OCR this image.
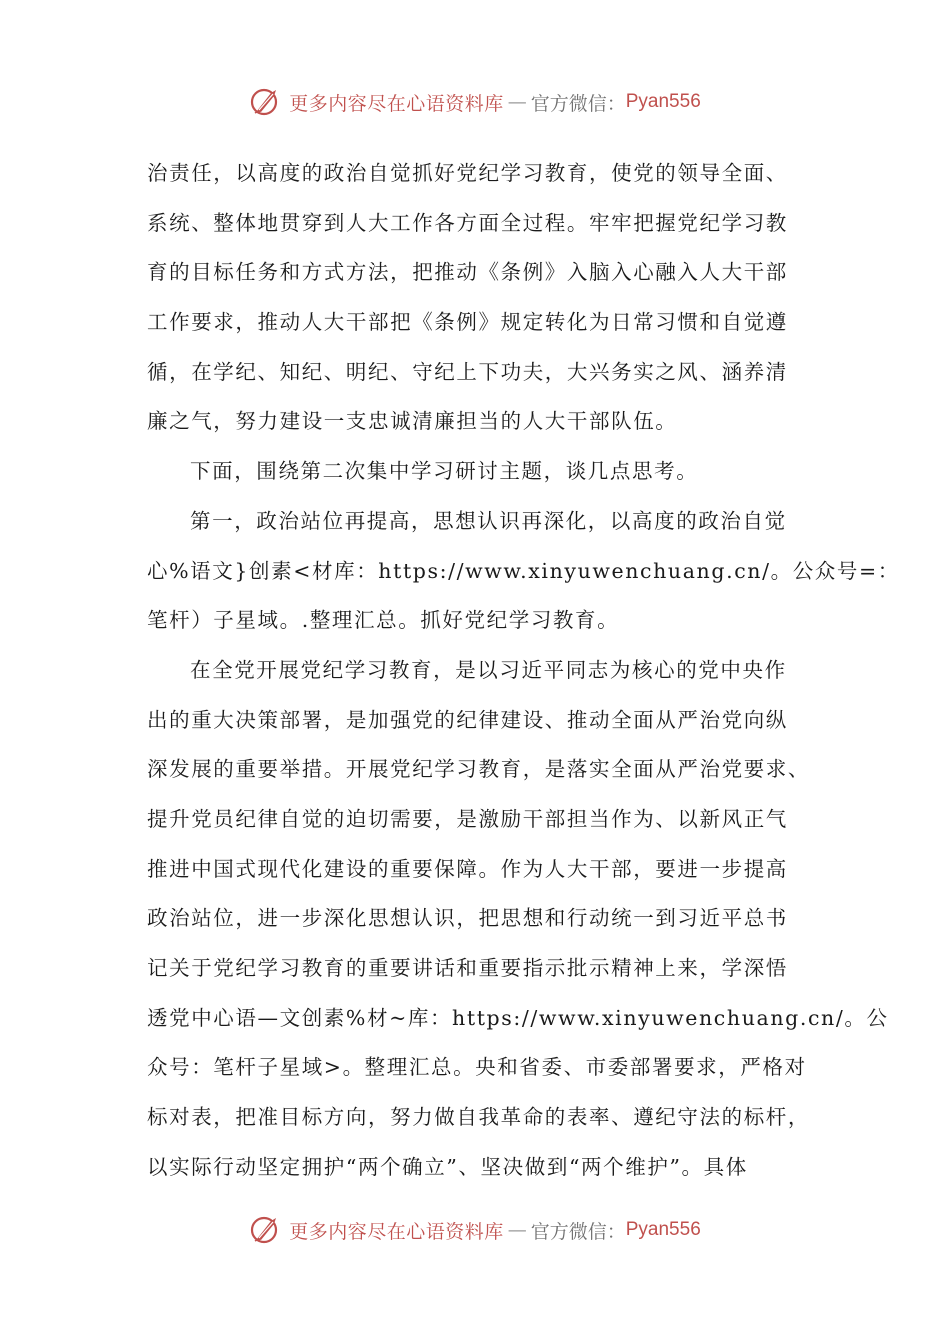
更多内容尽在心语资料库 — 官方微信： Pyan556
治责任，以高度的政治自觉抓好党纪学习教育，使党的领导全面、
系统、整体地贯穿到人大工作各方面全过程。牢牢把握党纪学习教
育的目标任务和方式方法，把推动《条例》入脑入心融入人大干部
工作要求，推动人大干部把《条例》规定转化为日常习惯和自觉遵
循，在学纪、知纪、明纪、守纪上下功夫，大兴务实之风、涵养清
廉之气，努力建设一支忠诚清廉担当的人大干部队伍。
下面，围绕第二次集中学习研讨主题，谈几点思考。
第一，政治站位再提高，思想认识再深化，以高度的政治自觉
心%语文}创素<材库：https://www.xinyuwenchuang.cn/。公众号=：
笔杆）子星域。.整理汇总。抓好党纪学习教育。
在全党开展党纪学习教育，是以习近平同志为核心的党中央作
出的重大决策部署，是加强党的纪律建设、推动全面从严治党向纵
深发展的重要举措。开展党纪学习教育，是落实全面从严治党要求、
提升党员纪律自觉的迫切需要，是激励干部担当作为、以新风正气
推进中国式现代化建设的重要保障。作为人大干部，要进一步提高
政治站位，进一步深化思想认识，把思想和行动统一到习近平总书
记关于党纪学习教育的重要讲话和重要指示批示精神上来，学深悟
透党中心语—文创素%材~库：https://www.xinyuwenchuang.cn/。公
众号：笔杆子星域>。整理汇总。央和省委、市委部署要求，严格对
标对表，把准目标方向，努力做自我革命的表率、遵纪守法的标杆，
以实际行动坚定拥护“两个确立”、坚决做到“两个维护”。具体
更多内容尽在心语资料库 — 官方微信： Pyan556
